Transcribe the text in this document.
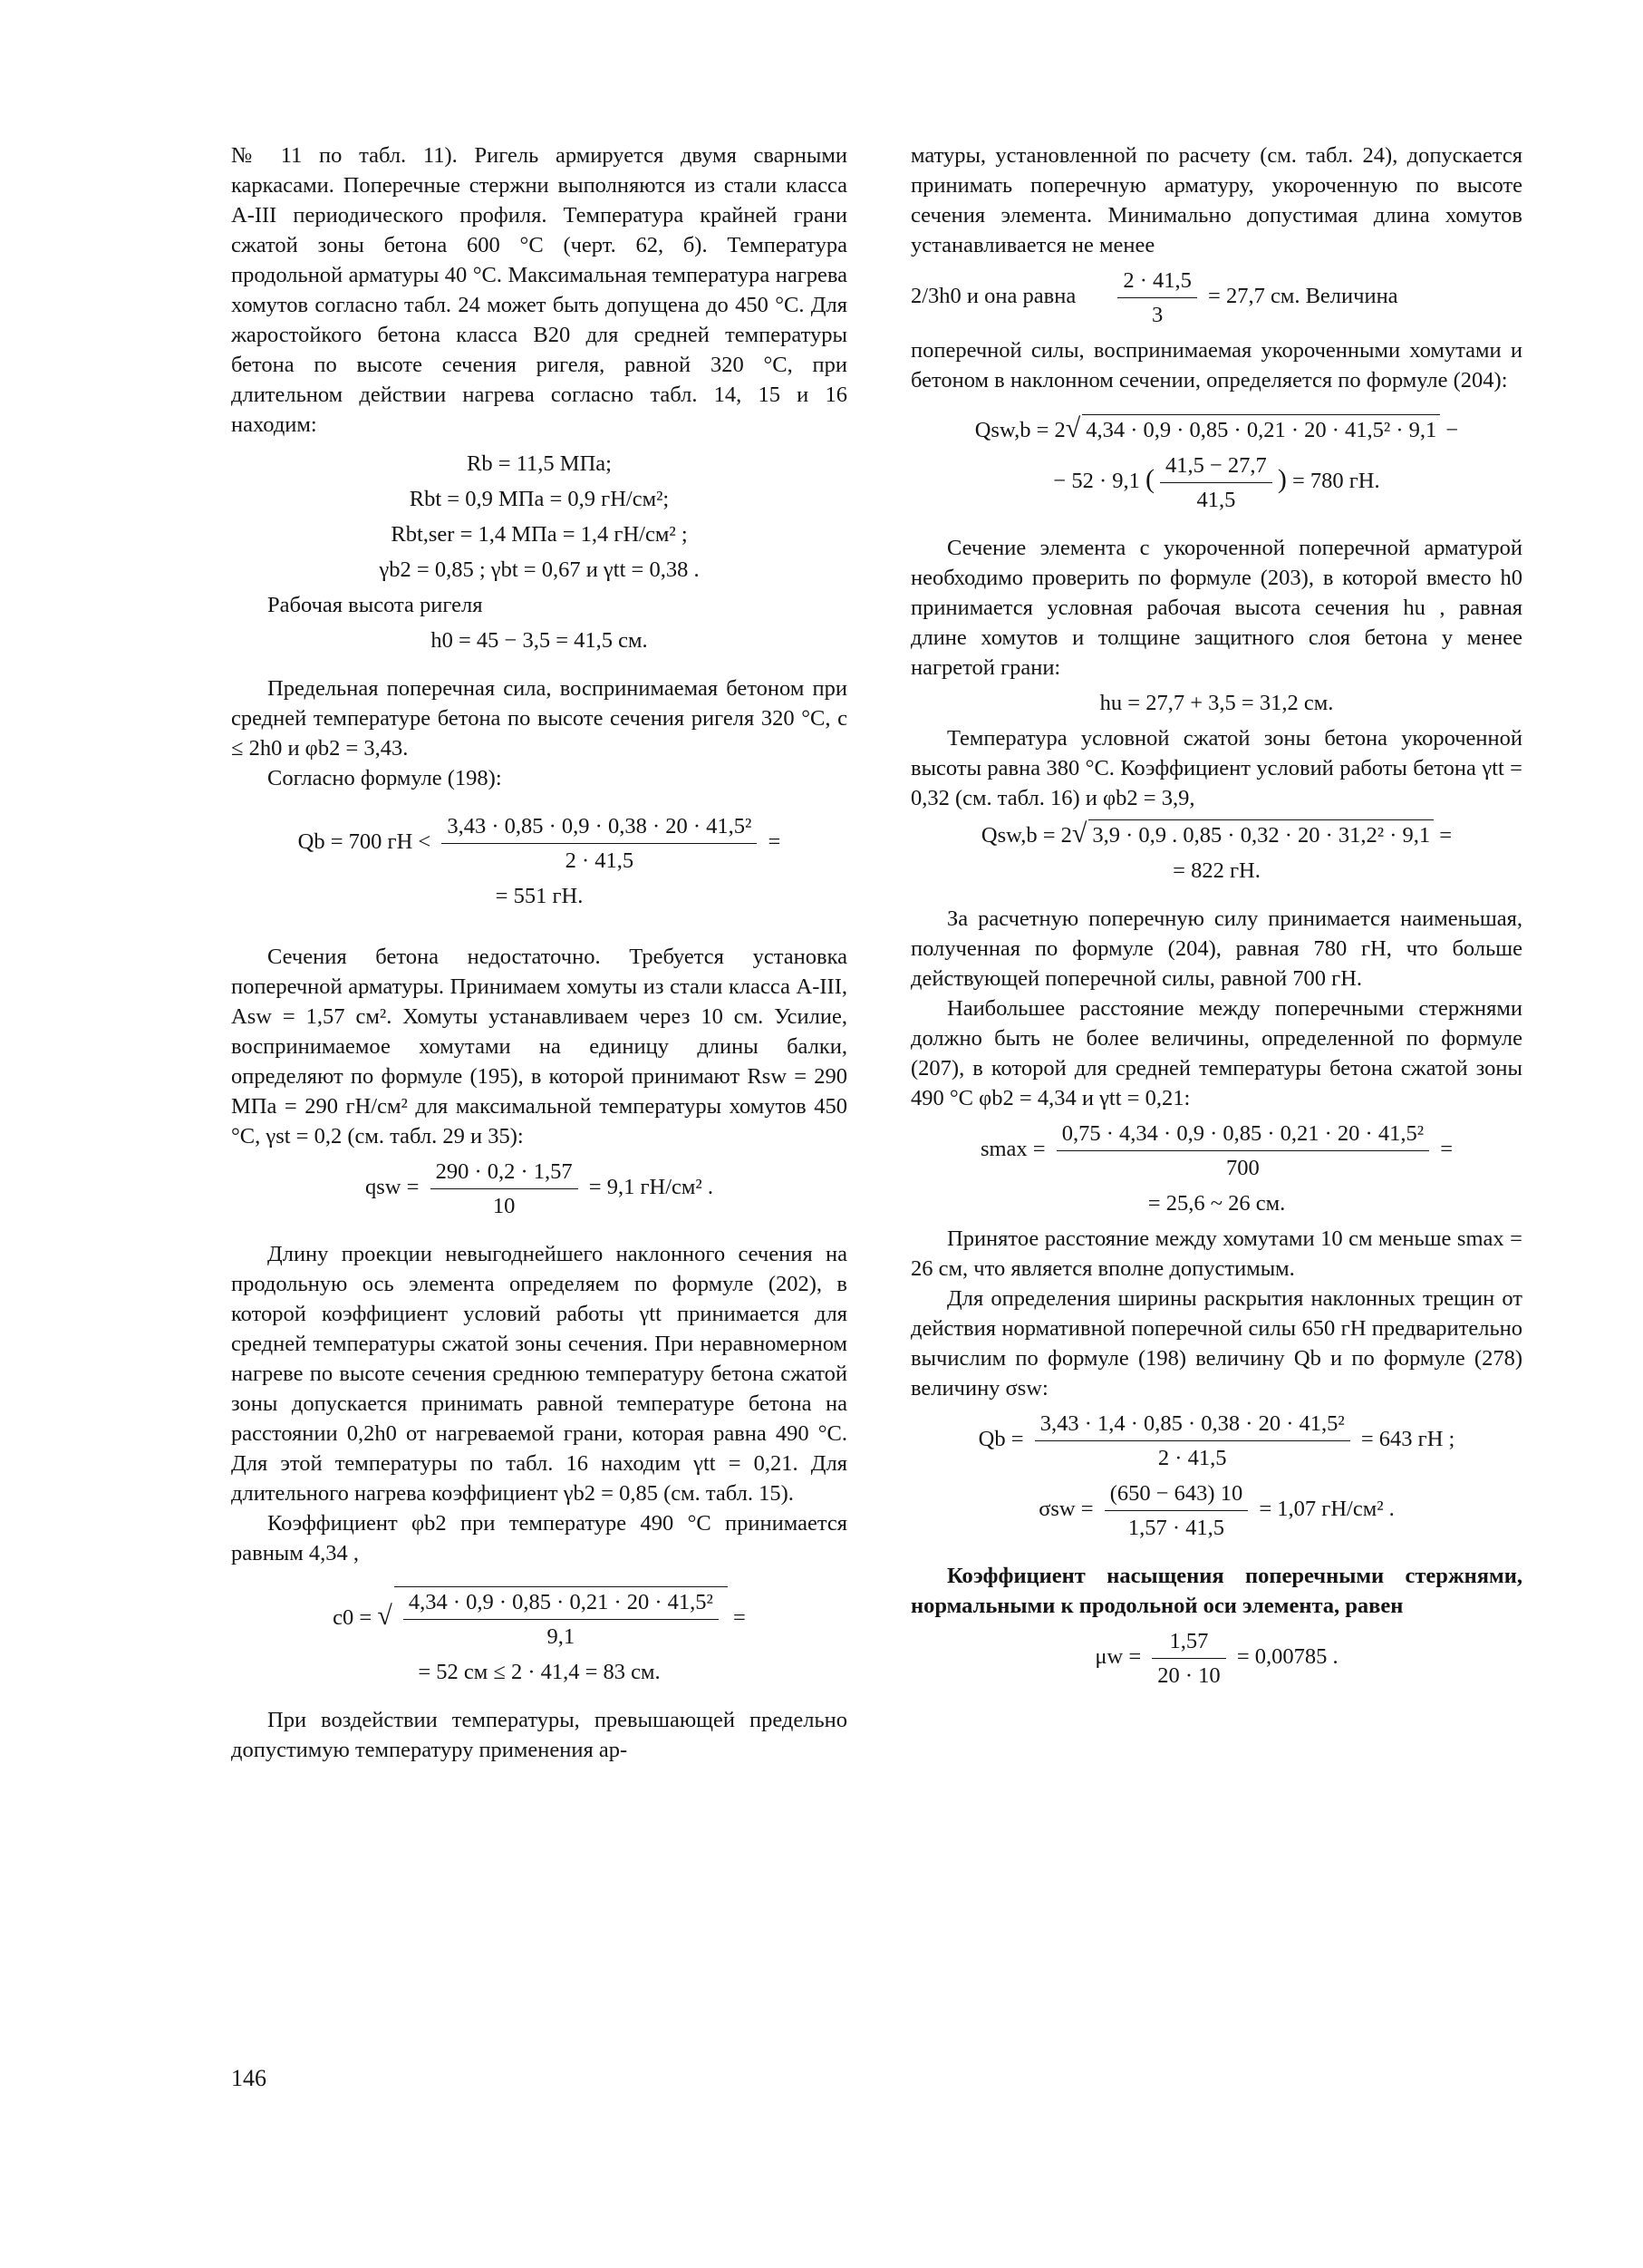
№ 11 по табл. 11). Ригель армируется двумя сварными каркасами. Поперечные стержни выполняются из стали класса А-III периодического профиля. Температура крайней грани сжатой зоны бетона 600 °С (черт. 62, б). Температура продольной арматуры 40 °С. Максимальная температура нагрева хомутов согласно табл. 24 может быть допущена до 450 °С. Для жаростойкого бетона класса В20 для средней температуры бетона по высоте сечения ригеля, равной 320 °С, при длительном действии нагрева согласно табл. 14, 15 и 16 находим:

Rb = 11,5 МПа;
Rbt = 0,9 МПа = 0,9 гН/см²;
Rbt,ser = 1,4 МПа = 1,4 гН/см² ;
γb2 = 0,85 ; γbt = 0,67 и γtt = 0,38 .

Рабочая высота ригеля

h0 = 45 − 3,5 = 41,5 см.

Предельная поперечная сила, воспринимаемая бетоном при средней температуре бетона по высоте сечения ригеля 320 °С, c ≤ 2h0 и φb2 = 3,43.

Согласно формуле (198):

Qb = 700 гН < $\frac{\text{3,43 · 0,85 · 0,9 · 0,38 · 20 · 41,5²}}{2 \cdot 41,5}$ =
= 551 гН.

Сечения бетона недостаточно. Требуется установка поперечной арматуры. Принимаем хомуты из стали класса А-III, Asw = 1,57 см². Хомуты устанавливаем через 10 см. Усилие, воспринимаемое хомутами на единицу длины балки, определяют по формуле (195), в которой принимают Rsw = 290 МПа = 290 гН/см² для максимальной температуры хомутов 450 °С, γst = 0,2 (см. табл. 29 и 35):

qsw = $\frac{290 \cdot 0,2 \cdot 1,57}{10} = 9,1$ гН/см² .

Длину проекции невыгоднейшего наклонного сечения на продольную ось элемента определяем по формуле (202), в которой коэффициент условий работы γtt принимается для средней температуры сжатой зоны сечения. При неравномерном нагреве по высоте сечения среднюю температуру бетона сжатой зоны допускается принимать равной температуре бетона на расстоянии 0,2h0 от нагреваемой грани, которая равна 490 °С. Для этой температуры по табл. 16 находим γtt = 0,21. Для длительного нагрева коэффициент γb2 = 0,85 (см. табл. 15).

Коэффициент φb2 при температуре 490 °С принимается равным 4,34 ,

c0 = √ $\frac{\text{4,34 · 0,9 · 0,85 · 0,21 · 20 · 41,5²}}{9,1}$ =
= 52 см ≤ 2 · 41,4 = 83 см.

При воздействии температуры, превышающей предельно допустимую температуру применения ар-

матуры, установленной по расчету (см. табл. 24), допускается принимать поперечную арматуру, укороченную по высоте сечения элемента. Минимально допустимая длина хомутов устанавливается не менее

2/3h0 и она равна $\frac{2 \cdot 41,5}{3} = 27,7$ см. Величина

поперечной силы, воспринимаемая укороченными хомутами и бетоном в наклонном сечении, определяется по формуле (204):

Qsw,b = 2√ 4,34 · 0,9 · 0,85 · 0,21 · 20 · 41,5² · 9,1 −
− 52 · 9,1 ( $\frac{41,5 - 27,7}{41,5}$ ) = 780 гН.

Сечение элемента с укороченной поперечной арматурой необходимо проверить по формуле (203), в которой вместо h0 принимается условная рабочая высота сечения hu , равная длине хомутов и толщине защитного слоя бетона у менее нагретой грани:

hu = 27,7 + 3,5 = 31,2 см.

Температура условной сжатой зоны бетона укороченной высоты равна 380 °С. Коэффициент условий работы бетона γtt = 0,32 (см. табл. 16) и φb2 = 3,9,

Qsw,b = 2√ 3,9 · 0,9 . 0,85 · 0,32 · 20 · 31,2² · 9,1 =
= 822 гН.

За расчетную поперечную силу принимается наименьшая, полученная по формуле (204), равная 780 гН, что больше действующей поперечной силы, равной 700 гН.

Наибольшее расстояние между поперечными стержнями должно быть не более величины, определенной по формуле (207), в которой для средней температуры бетона сжатой зоны 490 °С φb2 = 4,34 и γtt = 0,21:

$smax = \frac{\text{0,75 · 4,34 · 0,9 · 0,85 · 0,21 · 20 · 41,5²}}{700}$ =
= 25,6 ~ 26 см.

Принятое расстояние между хомутами 10 см меньше smax = 26 см, что является вполне допустимым.

Для определения ширины раскрытия наклонных трещин от действия нормативной поперечной силы 650 гН предварительно вычислим по формуле (198) величину Qb и по формуле (278) величину σsw:

$Qb = \frac{\text{3,43 · 1,4 · 0,85 · 0,38 · 20 · 41,5²}}{2 \cdot 41,5} = 643$ гН ;
$\sigma sw = \frac{(650 - 643) 10}{1,57 \cdot 41,5} = 1,07$ гН/см² .

Коэффициент насыщения поперечными стержнями, нормальными к продольной оси элемента, равен

$\mu w = \frac{1,57}{20 \cdot 10} = 0,00785$ .
146
